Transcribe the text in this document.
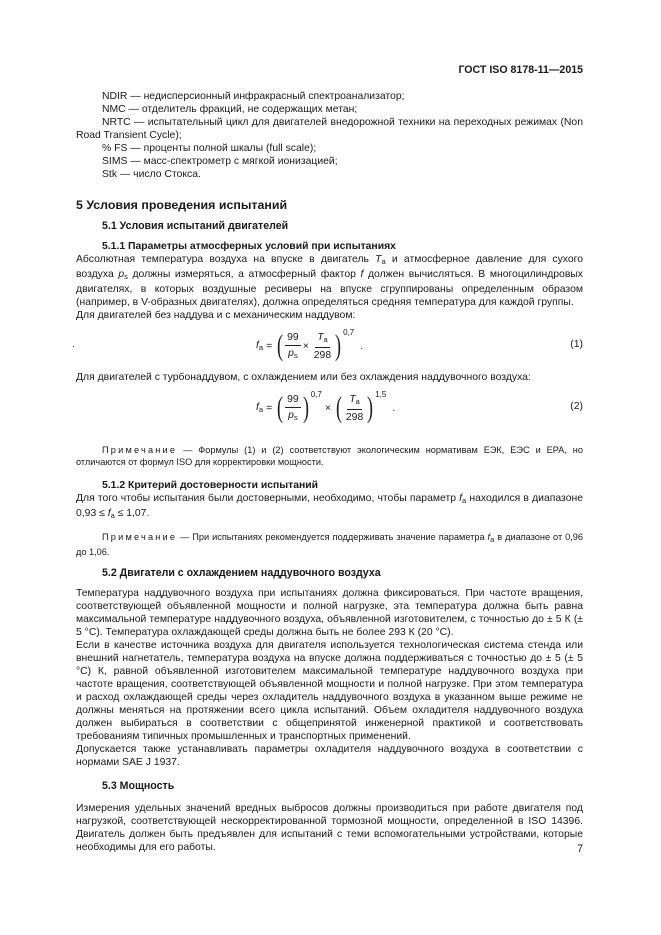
ГОСТ ISO 8178-11—2015

NDIR — недисперсионный инфракрасный спектроанализатор;

NMC — отделитель фракций, не содержащих метан;

NRTC — испытательный цикл для двигателей внедорожной техники на переходных режимах (Non Road Transient Cycle);

% FS — проценты полной шкалы (full scale);

SIMS — масс-спектрометр с мягкой ионизацией;

Stk — число Стокса.

5 Условия проведения испытаний
5.1 Условия испытаний двигателей
5.1.1 Параметры атмосферных условий при испытаниях

Абсолютная температура воздуха на впуске в двигатель $T_a$ и атмосферное давление для сухого воздуха $p_s$ должны измеряться, а атмосферный фактор f должен вычисляться. В многоцилиндровых двигателях, в которых воздушные ресиверы на впуске сгруппированы определенным образом (например, в V-образных двигателях), должна определяться средняя температура для каждой группы.

Для двигателей без наддува и с механическим наддувом:

.	$f_a$ = ( $\frac{99}{p_s} \times \frac{T_a}{298}$ ) 0,7
.	(1)

Для двигателей с турбонаддувом, с охлаждением или без охлаждения наддувочного воздуха:

$f_a$ = ( $\frac{99}{p_s}$ ) 0,7
× ( $\frac{T_a}{298}$ ) 1,5
.	(2)

Примечание — Формулы (1) и (2) соответствуют экологическим нормативам ЕЭК, ЕЭС и EPA, но отличаются от формул ISO для корректировки мощности.

5.1.2 Критерий достоверности испытаний

Для того чтобы испытания были достоверными, необходимо, чтобы параметр $f_a$ находился в диапазоне $0,93 \le f_a \le 1,07$.

Примечание — При испытаниях рекомендуется поддерживать значение параметра $f_a$ в диапазоне от 0,96 до 1,06.

5.2 Двигатели с охлаждением наддувочного воздуха

Температура наддувочного воздуха при испытаниях должна фиксироваться. При частоте вращения, соответствующей объявленной мощности и полной нагрузке, эта температура должна быть равна максимальной температуре наддувочного воздуха, объявленной изготовителем, с точностью до ± 5 К (± 5 °С). Температура охлаждающей среды должна быть не более 293 К (20 °С).

Если в качестве источника воздуха для двигателя используется технологическая система стенда или внешний нагнетатель, температура воздуха на впуске должна поддерживаться с точностью до ± 5 (± 5 °С) К, равной объявленной изготовителем максимальной температуре наддувочного воздуха при частоте вращения, соответствующей объявленной мощности и полной нагрузке. При этом температура и расход охлаждающей среды через охладитель наддувочного воздуха в указанном выше режиме не должны меняться на протяжении всего цикла испытаний. Объем охладителя наддувочного воздуха должен выбираться в соответствии с общепринятой инженерной практикой и соответствовать требованиям типичных промышленных и транспортных применений.

Допускается также устанавливать параметры охладителя наддувочного воздуха в соответствии с нормами SAE J 1937.

5.3 Мощность

Измерения удельных значений вредных выбросов должны производиться при работе двигателя под нагрузкой, соответствующей нескорректированной тормозной мощности, определенной в ISO 14396. Двигатель должен быть предъявлен для испытаний с теми вспомогательными устройствами, которые необходимы для его работы.	7
